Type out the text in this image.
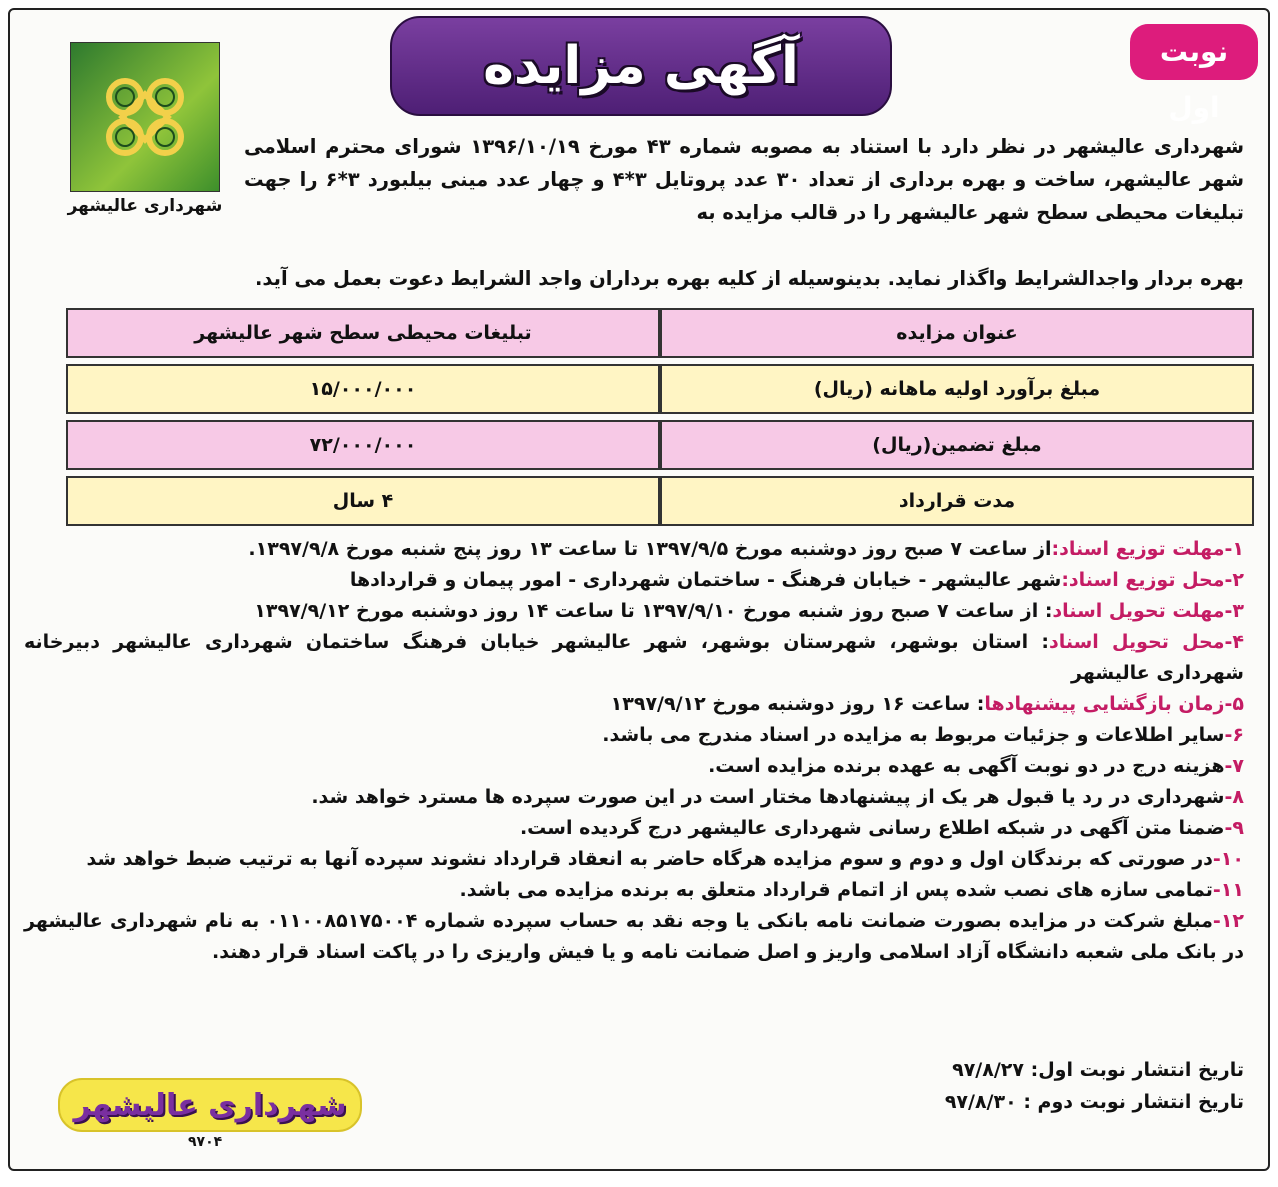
نوبت اول
آگهی مزایده
شهرداری عالیشهر
شهرداری عالیشهر در نظر دارد با استناد به مصوبه شماره ۴۳ مورخ ۱۳۹۶/۱۰/۱۹ شورای محترم اسلامی شهر عالیشهر، ساخت و بهره برداری از تعداد ۳۰ عدد پروتایل ۳*۴ و چهار عدد مینی بیلبورد ۳*۶ را جهت تبلیغات محیطی سطح شهر عالیشهر را در قالب مزایده به
بهره بردار واجدالشرایط واگذار نماید. بدینوسیله از کلیه بهره برداران واجد الشرایط دعوت بعمل می آید.
عنوان مزایده	تبلیغات محیطی سطح شهر عالیشهر
مبلغ برآورد اولیه ماهانه (ریال)	۱۵/۰۰۰/۰۰۰
مبلغ تضمین(ریال)	۷۲/۰۰۰/۰۰۰
مدت قرارداد	۴ سال
۱-مهلت توزیع اسناد:از ساعت ۷ صبح روز دوشنبه مورخ ۱۳۹۷/۹/۵ تا ساعت ۱۳ روز پنج شنبه مورخ ۱۳۹۷/۹/۸.
۲-محل توزیع اسناد:شهر عالیشهر - خیابان فرهنگ - ساختمان شهرداری - امور پیمان و قراردادها
۳-مهلت تحویل اسناد: از ساعت ۷ صبح روز شنبه مورخ ۱۳۹۷/۹/۱۰ تا ساعت ۱۴ روز دوشنبه مورخ ۱۳۹۷/۹/۱۲
۴-محل تحویل اسناد: استان بوشهر، شهرستان بوشهر، شهر عالیشهر خیابان فرهنگ ساختمان شهرداری عالیشهر دبیرخانه شهرداری عالیشهر
۵-زمان بازگشایی پیشنهادها: ساعت ۱۶ روز دوشنبه مورخ ۱۳۹۷/۹/۱۲
۶-سایر اطلاعات و جزئیات مربوط به مزایده در اسناد مندرج می باشد.
۷-هزینه درج در دو نوبت آگهی به عهده برنده مزایده است.
۸-شهرداری در رد یا قبول هر یک از پیشنهادها مختار است در این صورت سپرده ها مسترد خواهد شد.
۹-ضمنا متن آگهی در شبکه اطلاع رسانی شهرداری عالیشهر درج گردیده است.
۱۰-در صورتی که برندگان اول و دوم و سوم مزایده هرگاه حاضر به انعقاد قرارداد نشوند سپرده آنها به ترتیب ضبط خواهد شد
۱۱-تمامی سازه های نصب شده پس از اتمام قرارداد متعلق به برنده مزایده می باشد.
۱۲-مبلغ شرکت در مزایده بصورت ضمانت نامه بانکی یا وجه نقد به حساب سپرده شماره ۰۱۱۰۰۸۵۱۷۵۰۰۴ به نام شهرداری عالیشهر در بانک ملی شعبه دانشگاه آزاد اسلامی واریز و اصل ضمانت نامه و یا فیش واریزی را در پاکت اسناد قرار دهند.
تاریخ انتشار نوبت اول: ۹۷/۸/۲۷
تاریخ انتشار نوبت دوم : ۹۷/۸/۳۰
شهرداری عالیشهر
۹۷۰۴
